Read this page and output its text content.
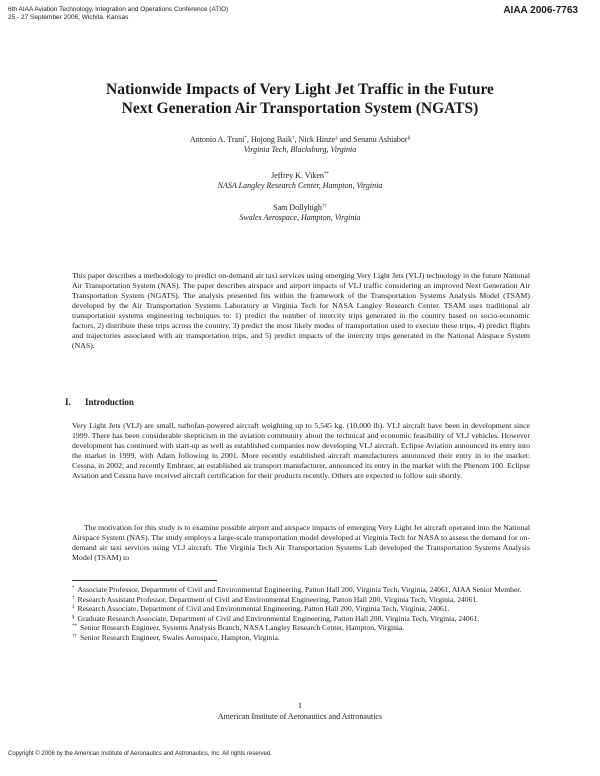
6th AIAA Aviation Technology, Integration and Operations Conference (ATIO)
25 - 27 September 2006, Wichita, Kansas
AIAA 2006-7763
Nationwide Impacts of Very Light Jet Traffic in the Future
Next Generation Air Transportation System (NGATS)
Antonio A. Trani*, Hojong Baik†, Nick Hinze‡ and Senanu Ashiabor§
Virginia Tech, Blacksburg, Virginia
Jeffrey K. Viken**
NASA Langley Research Center, Hampton, Virginia
Sam Dollyhigh††
Swales Aerospace, Hampton, Virginia
This paper describes a methodology to predict on-demand air taxi services using emerging Very Light Jets (VLJ) technology in the future National Air Transportation System (NAS). The paper describes airspace and airport impacts of VLJ traffic considering an improved Next Generation Air Transportation System (NGATS). The analysis presented fits within the framework of the Transportation Systems Analysis Model (TSAM) developed by the Air Transportation Systems Laboratory at Virginia Tech for NASA Langley Research Center. TSAM uses traditional air transportation systems engineering techniques to: 1) predict the number of intercity trips generated in the country based on socio-economic factors, 2) distribute these trips across the country, 3) predict the most likely modes of transportation used to execute these trips, 4) predict flights and trajectories associated with air transportation trips, and 5) predict impacts of the intercity trips generated in the National Airspace System (NAS).
I. Introduction
Very Light Jets (VLJ) are small, turbofan-powered aircraft weighting up to 5,545 kg. (10,000 lb). VLJ aircraft have been in development since 1999. There has been considerable skepticism in the aviation community about the technical and economic feasibility of VLJ vehicles. However development has continued with start-up as well as established companies now developing VLJ aircraft. Eclipse Aviation announced its entry into the market in 1999, with Adam following in 2001. More recently established aircraft manufacturers announced their entry in to the market: Cessna, in 2002; and recently Embraer, an established air transport manufacturer, announced its entry in the market with the Phenom 100. Eclipse Aviation and Cessna have received aircraft certification for their products recently. Others are expected to follow suit shortly.
The motivation for this study is to examine possible airport and airspace impacts of emerging Very Light Jet aircraft operated into the National Airspace System (NAS). The study employs a large-scale transportation model developed at Virginia Tech for NASA to assess the demand for on-demand air taxi services using VLJ aircraft. The Virginia Tech Air Transportation Systems Lab developed the Transportation Systems Analysis Model (TSAM) to
* Associate Professor, Department of Civil and Environmental Engineering, Patton Hall 200, Virginia Tech, Virginia, 24061, AIAA Senior Member.
† Research Assistant Professor, Department of Civil and Environmental Engineering, Patton Hall 200, Virginia Tech, Virginia, 24061.
‡ Research Associate, Department of Civil and Environmental Engineering, Patton Hall 200, Virginia Tech, Virginia, 24061.
§ Graduate Research Associate, Department of Civil and Environmental Engineering, Patton Hall 200, Virginia Tech, Virginia, 24061.
** Senior Research Engineer, Systems Analysis Branch, NASA Langley Research Center, Hampton, Virginia.
†† Senior Research Engineer, Swales Aerospace, Hampton, Virginia.
1
American Institute of Aeronautics and Astronautics
Copyright © 2006 by the American Institute of Aeronautics and Astronautics, Inc. All rights reserved.
